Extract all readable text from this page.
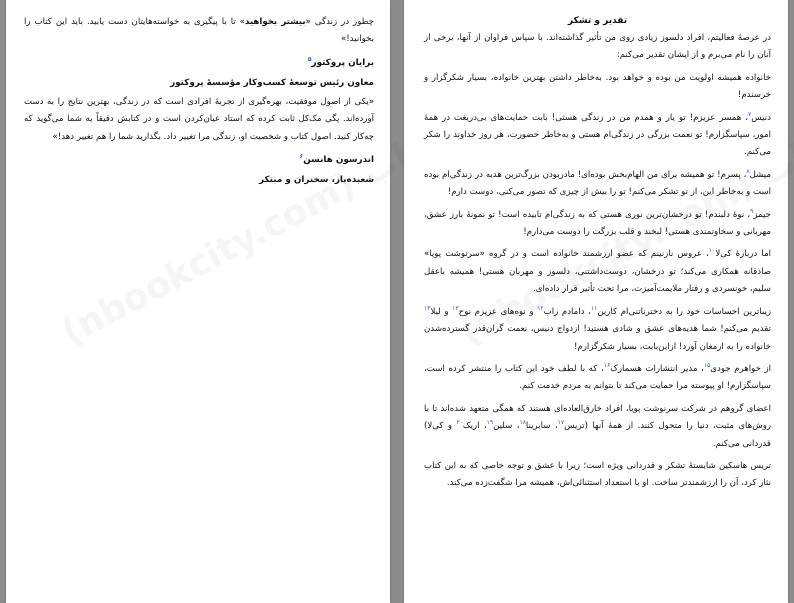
چطور در زندگی «بیشتر بخواهید» تا با پیگیری به خواسته‌هایتان دست یابید. باید این کتاب را بخوانید!»

برایان پروکتور$^۵$
معاون رئیس توسعهٔ کسب‌وکار مؤسسهٔ پروکتور

«یکی از اصول موفقیت، بهره‌گیری از تجربهٔ افرادی است که در زندگی، بهترین نتایج را به دست آورده‌اند. پگی مک‌کل ثابت کرده که استاد عیان‌کردن است و در کتابش دقیقاً به شما می‌گوید که چه‌کار کنید. اصول کتاب و شخصیت او، زندگی مرا تغییر داد. بگذارید شما را هم تغییر دهد!»

اندرسون هانسن$^۶$
شعبده‌باز، سخنران و مبتکر
تقدیر و تشکر

در عرصهٔ فعالیتم، افراد دلسوز زیادی روی من تأثیر گذاشته‌اند. با سپاس فراوان از آنها، برخی از آنان را نام می‌برم و از ایشان تقدیر می‌کنم:

خانواده همیشه اولویت من بوده و خواهد بود. به‌خاطر داشتن بهترین خانواده، بسیار شکرگزار و خرسندم!

دنیس$^۷$، همسر عزیزم! تو یار و همدم من در زندگی هستی! بابت حمایت‌های بی‌دریغت در همهٔ امور، سپاسگزارم! تو نعمت بزرگی در زندگی‌ام هستی و به‌خاطر حضورت، هر روز خداوند را شکر می‌کنم.

میشل$^۸$، پسرم! تو همیشه برای من الهام‌بخش بوده‌ای! مادربودن بزرگ‌ترین هدیه در زندگی‌ام بوده است و به‌خاطر این، از تو تشکر می‌کنم! تو را بیش از چیزی که تصور می‌کنی، دوست دارم!

جیمز$^۹$، نوهٔ دلبندم! تو درخشان‌ترین نوری هستی که به زندگی‌ام تابیده است! تو نمونهٔ بارز عشق، مهربانی و سخاوتمندی هستی! لبخند و قلب بزرگت را دوست می‌دارم!

اما دربارهٔ کی‌لا$^{۱۰}$، عروس نازنینم که عضو ارزشمند خانواده است و در گروه «سرنوشت پویا» صادقانه همکاری می‌کند؛ تو درخشان، دوست‌داشتنی، دلسوز و مهربان هستی! همیشه باعقل سلیم، خونسردی و رفتار ملایمت‌آمیزت، مرا تحت تأثیر قرار داده‌ای.

زیباترین احساسات خود را به دخترناتنی‌ام کارین$^{۱۱}$، دامادم راب$^{۱۲}$ و نوه‌های عزیزم نوح$^{۱۳}$ و لیلا$^{۱۴}$ تقدیم می‌کنم! شما هدیه‌های عشق و شادی هستید! ازدواج دنیس، نعمت گران‌قدر گسترده‌شدن خانواده را به ارمغان آورد! ازاین‌بابت، بسیار شکرگزارم!

از خواهرم جودی$^{۱۵}$، مدیر انتشارات هسمارک$^{۱۶}$، که با لطف خود این کتاب را منتشر کرده است، سپاسگزارم! او پیوسته مرا حمایت می‌کند تا بتوانم به مردم خدمت کنم.

اعضای گروهم در شرکت سرنوشت پویا، افراد خارق‌العاده‌ای هستند که همگی متعهد شده‌اند تا با روش‌های مثبت، دنیا را متحول کنند. از همهٔ آنها (تریس$^{۱۷}$، سابرینا$^{۱۸}$، سلین$^{۱۹}$، اریک$^{۲۰}$ و کی‌لا) قدردانی می‌کنم.

تریس هاسکین شایستهٔ تشکر و قدردانی ویژه است؛ زیرا با عشق و توجه خاصی که به این کتاب نثار کرد، آن را ارزشمندتر ساخت. او با استعداد استثنائی‌اش، همیشه مرا شگفت‌زده می‌کند.
